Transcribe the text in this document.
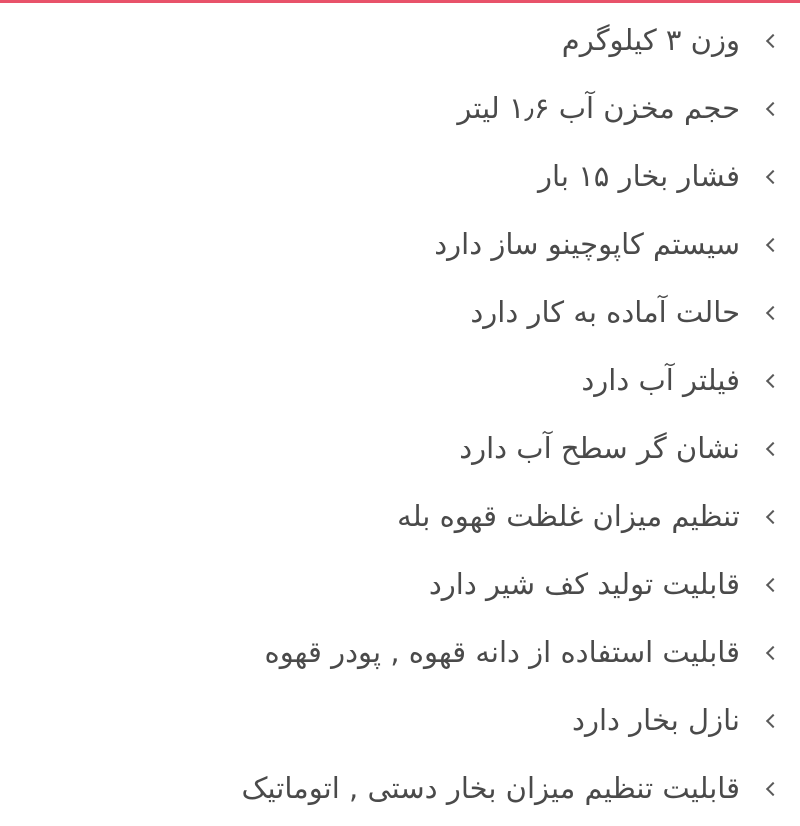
وزن ۳ کیلوگرم
حجم مخزن آب ۱٫۶ لیتر
فشار بخار ۱۵ بار
سیستم کاپوچینو ساز دارد
حالت آماده به کار دارد
فیلتر آب دارد
نشان گر سطح آب دارد
تنظیم میزان غلظت قهوه بله
قابلیت تولید کف شیر دارد
قابلیت استفاده از دانه قهوه , پودر قهوه
نازل بخار دارد
قابلیت تنظیم میزان بخار دستی , اتوماتیک
